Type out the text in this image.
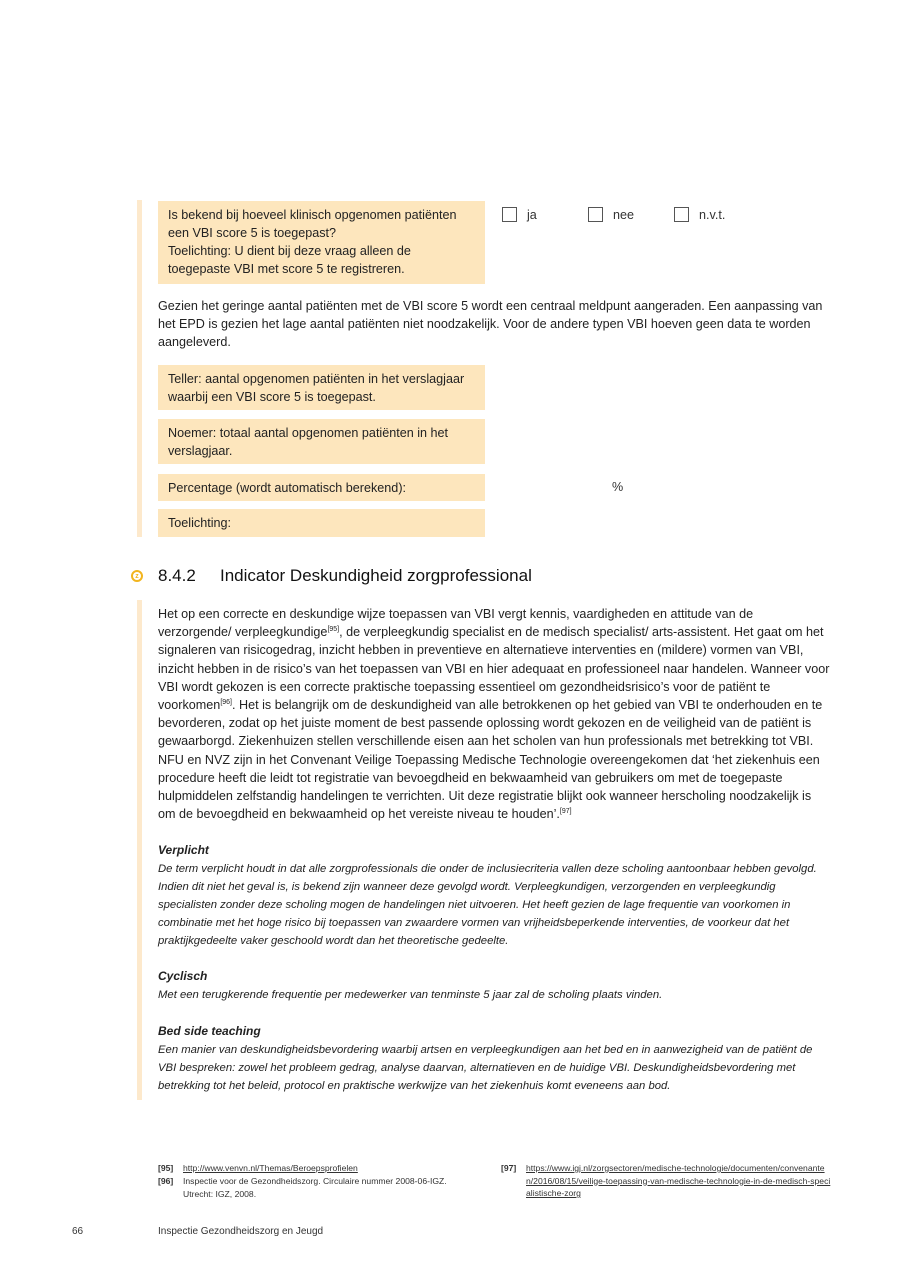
Is bekend bij hoeveel klinisch opgenomen patiënten een VBI score 5 is toegepast?
Toelichting: U dient bij deze vraag alleen de toegepaste VBI met score 5 te registreren.
ja	nee	n.v.t.
Gezien het geringe aantal patiënten met de VBI score 5 wordt een centraal meldpunt aangeraden. Een aanpassing van het EPD is gezien het lage aantal patiënten niet noodzakelijk. Voor de andere typen VBI hoeven geen data te worden aangeleverd.
Teller: aantal opgenomen patiënten in het verslagjaar waarbij een VBI score 5 is toegepast.
Noemer: totaal aantal opgenomen patiënten in het verslagjaar.
Percentage (wordt automatisch berekend):	%
Toelichting:
z 8.4.2 Indicator Deskundigheid zorgprofessional
Het op een correcte en deskundige wijze toepassen van VBI vergt kennis, vaardigheden en attitude van de verzorgende/ verpleegkundige[95], de verpleegkundig specialist en de medisch specialist/ arts-assistent. Het gaat om het signaleren van risicogedrag, inzicht hebben in preventieve en alternatieve interventies en (mildere) vormen van VBI, inzicht hebben in de risico’s van het toepassen van VBI en hier adequaat en professioneel naar handelen. Wanneer voor VBI wordt gekozen is een correcte praktische toepassing essentieel om gezondheidsrisico’s voor de patiënt te voorkomen[96]. Het is belangrijk om de deskundigheid van alle betrokkenen op het gebied van VBI te onderhouden en te bevorderen, zodat op het juiste moment de best passende oplossing wordt gekozen en de veiligheid van de patiënt is gewaarborgd. Ziekenhuizen stellen verschillende eisen aan het scholen van hun professionals met betrekking tot VBI. NFU en NVZ zijn in het Convenant Veilige Toepassing Medische Technologie overeengekomen dat ‘het ziekenhuis een procedure heeft die leidt tot registratie van bevoegdheid en bekwaamheid van gebruikers om met de toegepaste hulpmiddelen zelfstandig handelingen te verrichten. Uit deze registratie blijkt ook wanneer herscholing noodzakelijk is om de bevoegdheid en bekwaamheid op het vereiste niveau te houden’.[97]
Verplicht
De term verplicht houdt in dat alle zorgprofessionals die onder de inclusiecriteria vallen deze scholing aantoonbaar hebben gevolgd. Indien dit niet het geval is, is bekend zijn wanneer deze gevolgd wordt. Verpleegkundigen, verzorgenden en verpleegkundig specialisten zonder deze scholing mogen de handelingen niet uitvoeren. Het heeft gezien de lage frequentie van voorkomen in combinatie met het hoge risico bij toepassen van zwaardere vormen van vrijheidsbeperkende interventies, de voorkeur dat het praktijkgedeelte vaker geschoold wordt dan het theoretische gedeelte.
Cyclisch
Met een terugkerende frequentie per medewerker van tenminste 5 jaar zal de scholing plaats vinden.
Bed side teaching
Een manier van deskundigheidsbevordering waarbij artsen en verpleegkundigen aan het bed en in aanwezigheid van de patiënt de VBI bespreken: zowel het probleem gedrag, analyse daarvan, alternatieven en de huidige VBI. Deskundigheidsbevordering met betrekking tot het beleid, protocol en praktische werkwijze van het ziekenhuis komt eveneens aan bod.
[95]	http://www.venvn.nl/Themas/Beroepsprofielen
[96]	Inspectie voor de Gezondheidszorg. Circulaire nummer 2008-06-IGZ. Utrecht: IGZ, 2008.
[97]	https://www.igj.nl/zorgsectoren/medische-technologie/documenten/convenanten/2016/08/15/veilige-toepassing-van-medische-technologie-in-de-medisch-specialistische-zorg
66	Inspectie Gezondheidszorg en Jeugd
